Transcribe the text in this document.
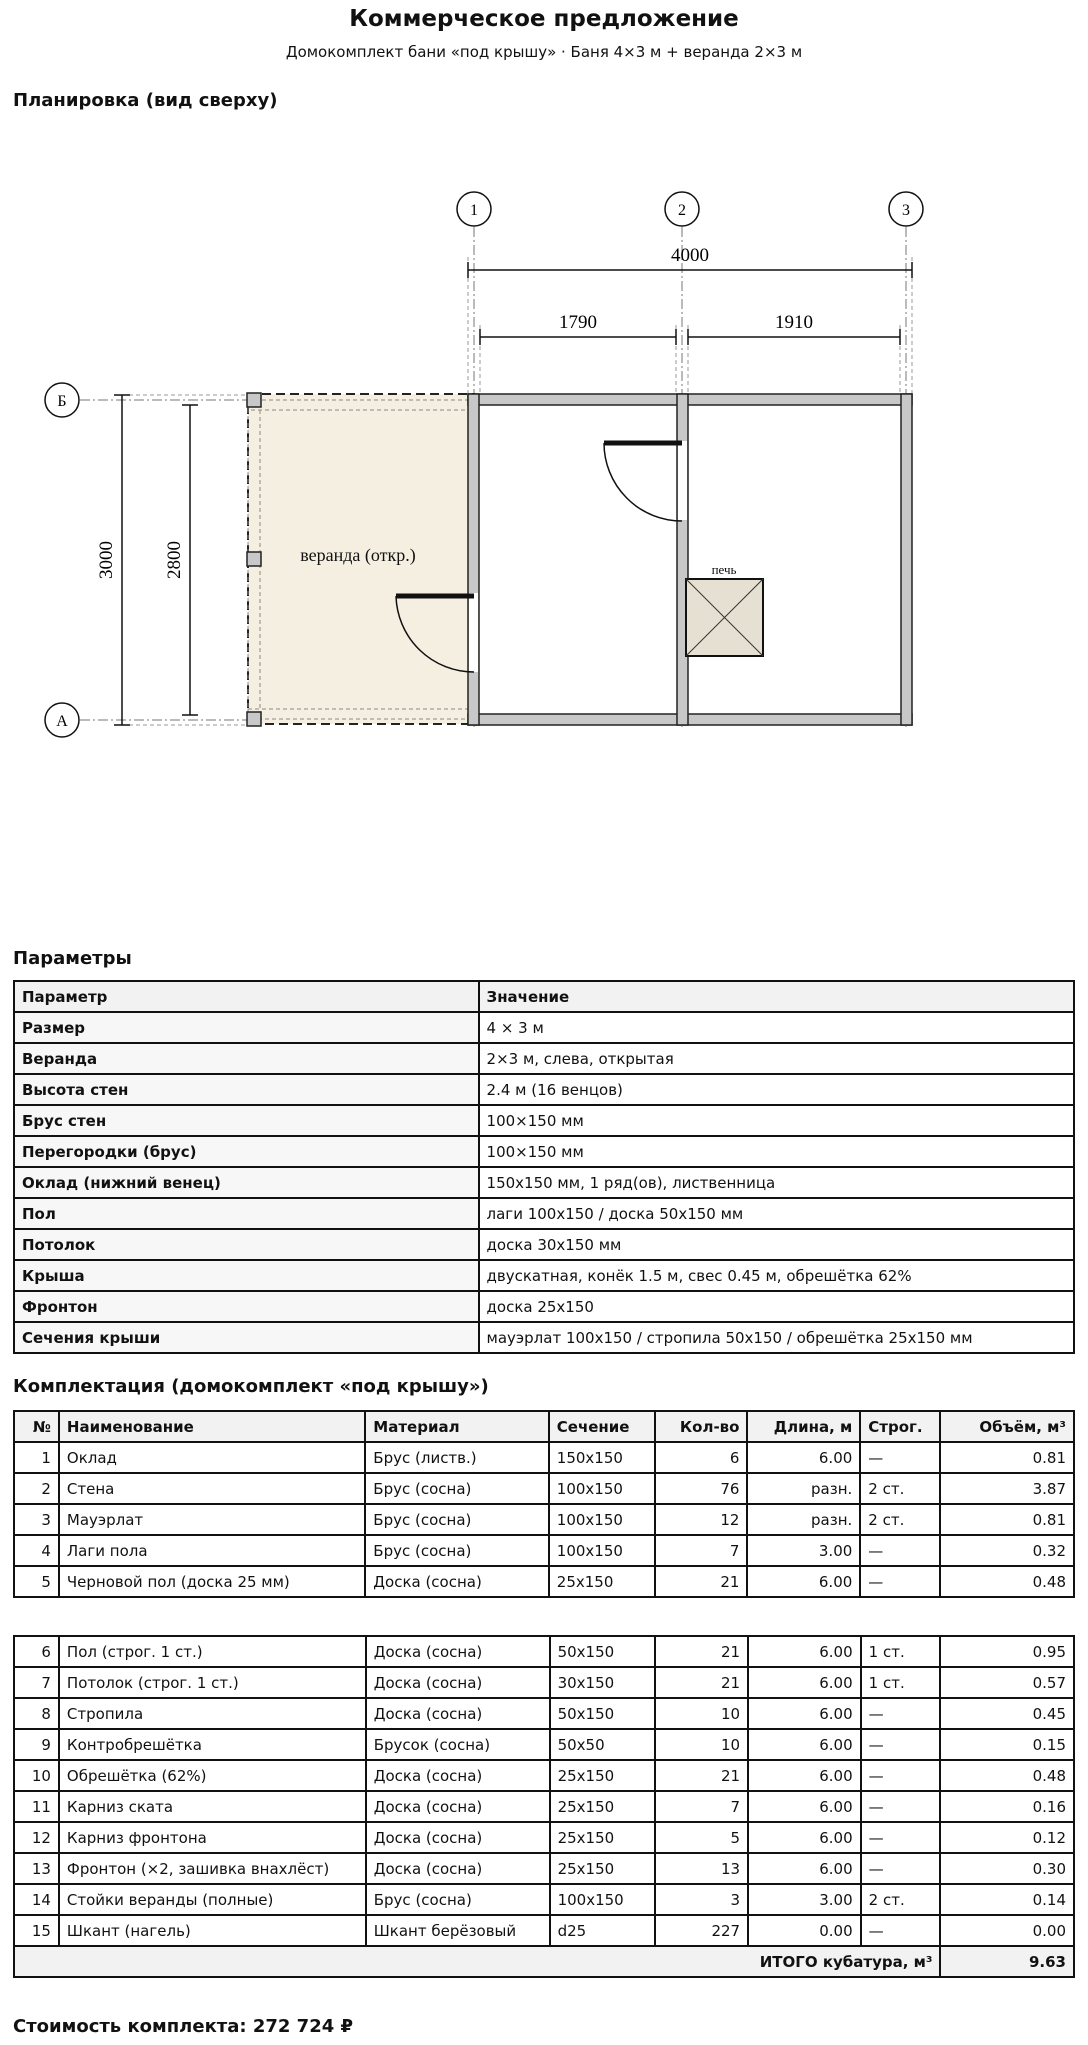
Коммерческое предложение
Домокомплект бани «под крышу» · Баня 4×3 м + веранда 2×3 м
Планировка (вид сверху)
веранда (откр.)
печь
1	2	3
Б
А
4000
1790	1910
3000 2800
Параметры
Параметр	Значение
Размер	4 × 3 м
Веранда	2×3 м, слева, открытая
Высота стен	2.4 м (16 венцов)
Брус стен	100×150 мм
Перегородки (брус)	100×150 мм
Оклад (нижний венец)	150х150 мм, 1 ряд(ов), лиственница
Пол	лаги 100х150 / доска 50х150 мм
Потолок	доска 30х150 мм
Крыша	двускатная, конёк 1.5 м, свес 0.45 м, обрешётка 62%
Фронтон	доска 25х150
Сечения крыши	мауэрлат 100х150 / стропила 50х150 / обрешётка 25х150 мм
Комплектация (домокомплект «под крышу»)
№	Наименование	Материал	Сечение	Кол-во	Длина, м	Строг.	Объём, м³
1	Оклад	Брус (листв.)	150х150	6	6.00	—	0.81
2	Стена	Брус (сосна)	100х150	76	разн.	2 ст.	3.87
3	Мауэрлат	Брус (сосна)	100х150	12	разн.	2 ст.	0.81
4	Лаги пола	Брус (сосна)	100х150	7	3.00	—	0.32
5	Черновой пол (доска 25 мм)	Доска (сосна)	25х150	21	6.00	—	0.48
6	Пол (строг. 1 ст.)	Доска (сосна)	50х150	21	6.00	1 ст.	0.95
7	Потолок (строг. 1 ст.)	Доска (сосна)	30х150	21	6.00	1 ст.	0.57
8	Стропила	Доска (сосна)	50х150	10	6.00	—	0.45
9	Контробрешётка	Брусок (сосна)	50х50	10	6.00	—	0.15
10	Обрешётка (62%)	Доска (сосна)	25х150	21	6.00	—	0.48
11	Карниз ската	Доска (сосна)	25х150	7	6.00	—	0.16
12	Карниз фронтона	Доска (сосна)	25х150	5	6.00	—	0.12
13	Фронтон (×2, зашивка внахлёст)	Доска (сосна)	25х150	13	6.00	—	0.30
14	Стойки веранды (полные)	Брус (сосна)	100х150	3	3.00	2 ст.	0.14
15	Шкант (нагель)	Шкант берёзовый	d25	227	0.00	—	0.00
ИТОГО кубатура, м³							9.63
Стоимость комплекта: 272 724 ₽
